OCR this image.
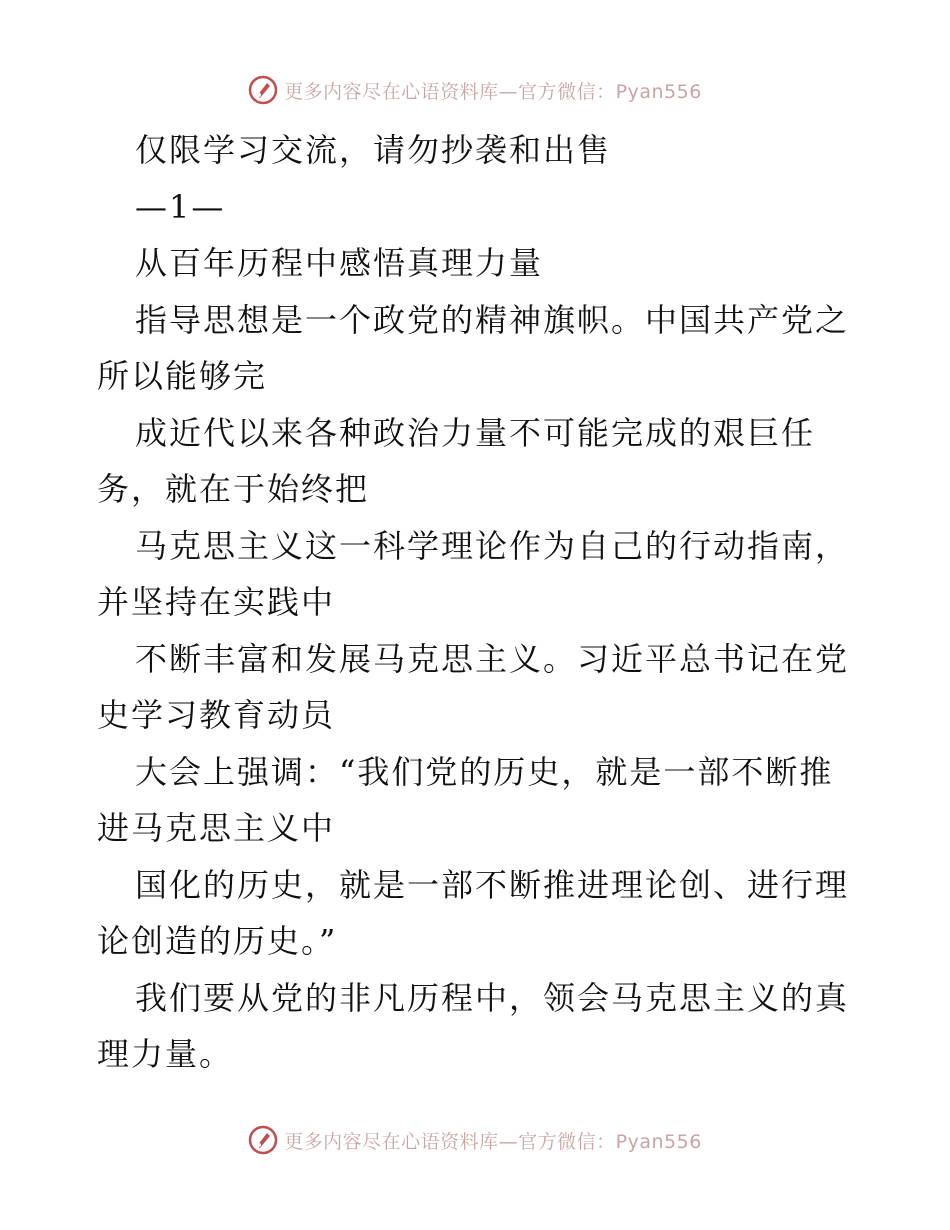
更多内容尽在心语资料库—官方微信：Pyan556

仅限学习交流，请勿抄袭和出售

—1—

从百年历程中感悟真理力量

指导思想是一个政党的精神旗帜。中国共产党之所以能够完

成近代以来各种政治力量不可能完成的艰巨任务，就在于始终把

马克思主义这一科学理论作为自己的行动指南，并坚持在实践中

不断丰富和发展马克思主义。习近平总书记在党史学习教育动员

大会上强调：“我们党的历史，就是一部不断推进马克思主义中

国化的历史，就是一部不断推进理论创、进行理论创造的历史。”

我们要从党的非凡历程中，领会马克思主义的真理力量。

更多内容尽在心语资料库—官方微信：Pyan556
